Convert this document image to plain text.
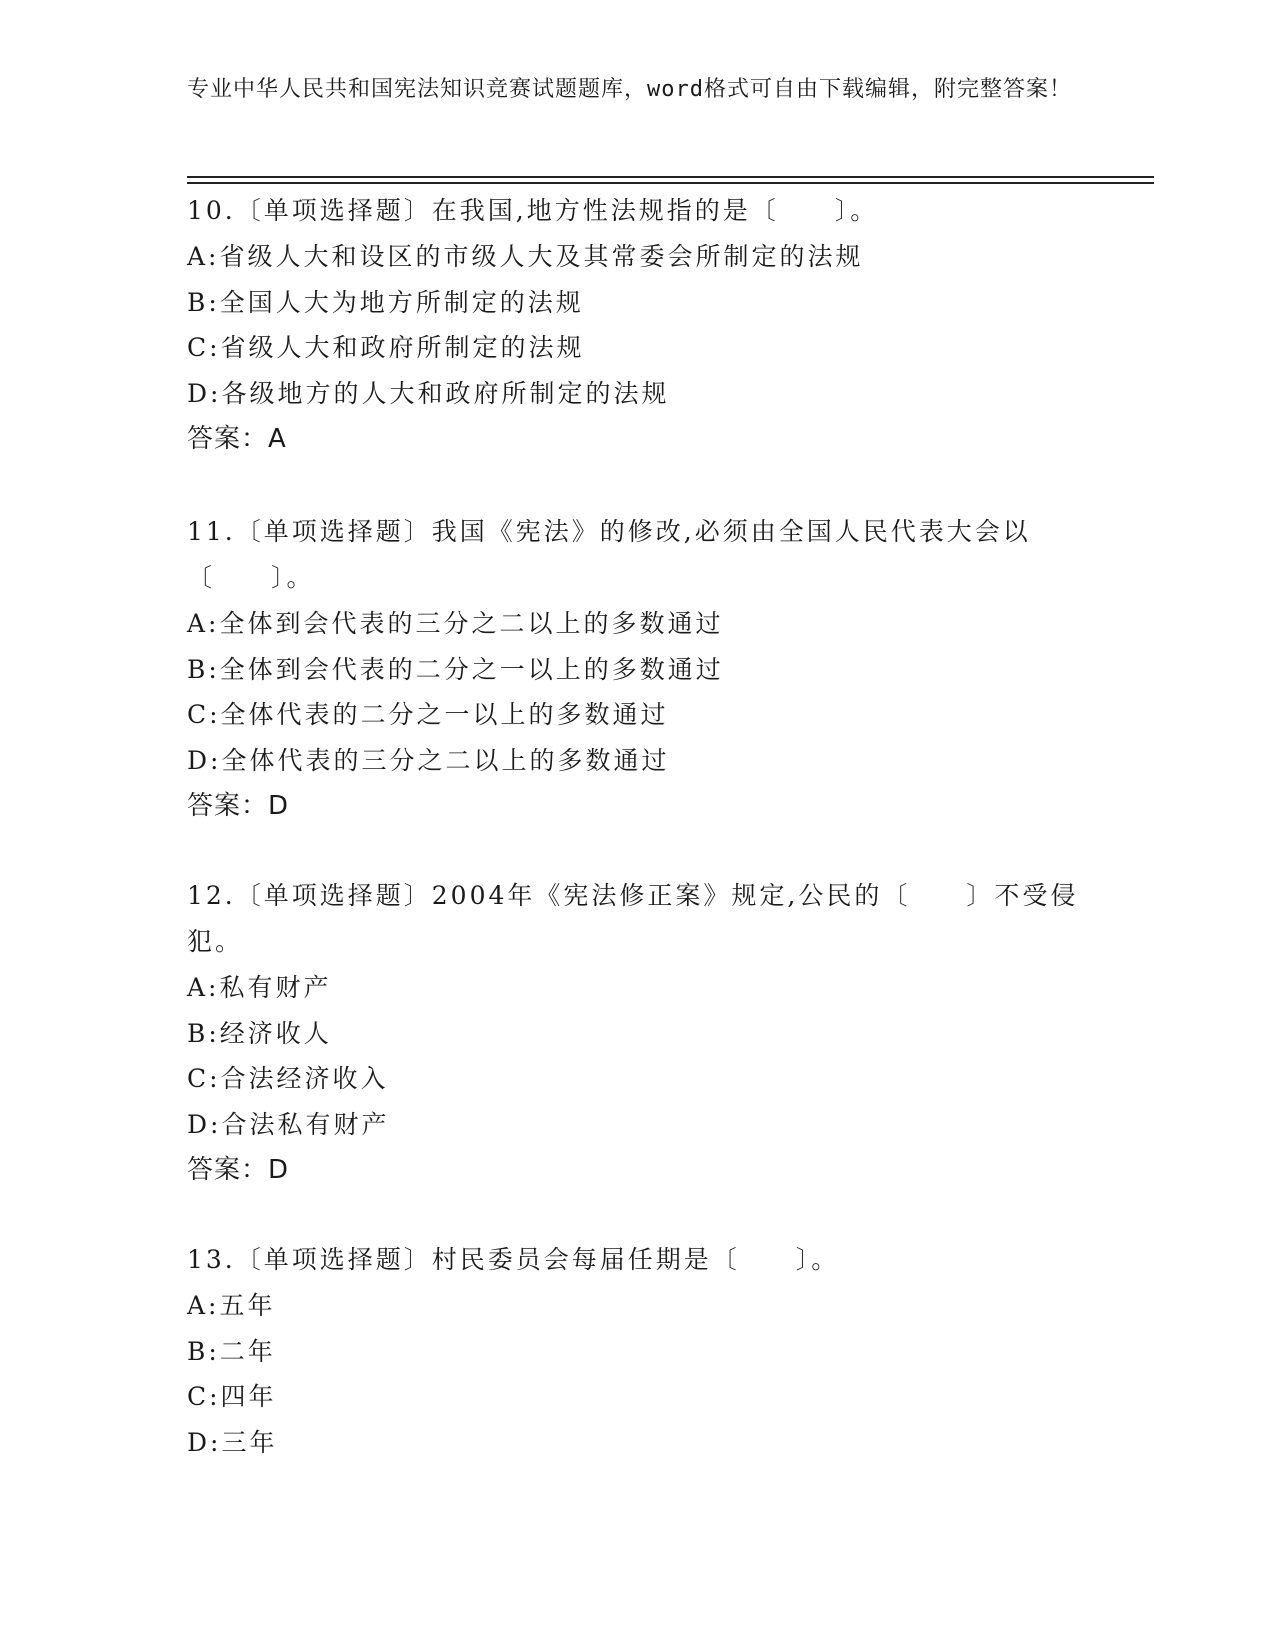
专业中华人民共和国宪法知识竞赛试题题库，word格式可自由下载编辑，附完整答案！
10.〔单项选择题〕在我国,地方性法规指的是〔　　〕。
A:省级人大和设区的市级人大及其常委会所制定的法规
B:全国人大为地方所制定的法规
C:省级人大和政府所制定的法规
D:各级地方的人大和政府所制定的法规
答案：A
11.〔单项选择题〕我国《宪法》的修改,必须由全国人民代表大会以〔　　〕。
A:全体到会代表的三分之二以上的多数通过
B:全体到会代表的二分之一以上的多数通过
C:全体代表的二分之一以上的多数通过
D:全体代表的三分之二以上的多数通过
答案：D
12.〔单项选择题〕2004年《宪法修正案》规定,公民的〔　　〕不受侵犯。
A:私有财产
B:经济收人
C:合法经济收入
D:合法私有财产
答案：D
13.〔单项选择题〕村民委员会每届任期是〔　　〕。
A:五年
B:二年
C:四年
D:三年
